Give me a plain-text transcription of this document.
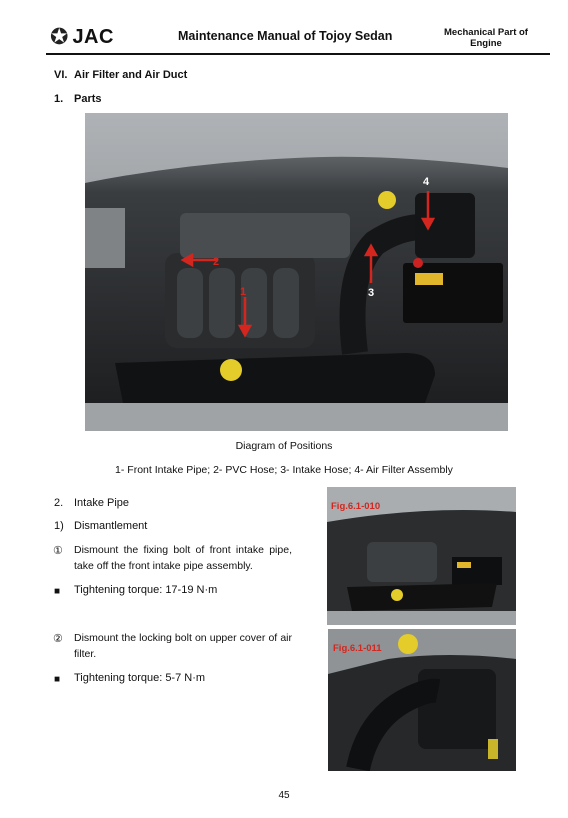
✪ JAC	Maintenance Manual of Tojoy Sedan	Mechanical Part of
Engine
VI. Air Filter and Air Duct
1. Parts
1
2
3
4
Diagram of Positions
1- Front Intake Pipe; 2- PVC Hose; 3- Intake Hose; 4- Air Filter Assembly
2. Intake Pipe
1) Dismantlement
① Dismount the fixing bolt of front intake pipe, take off the front intake pipe assembly.
■ Tightening torque: 17-19 N·m
② Dismount the locking bolt on upper cover of air filter.
■ Tightening torque: 5-7 N·m
Fig.6.1-010
Fig.6.1-011
45
